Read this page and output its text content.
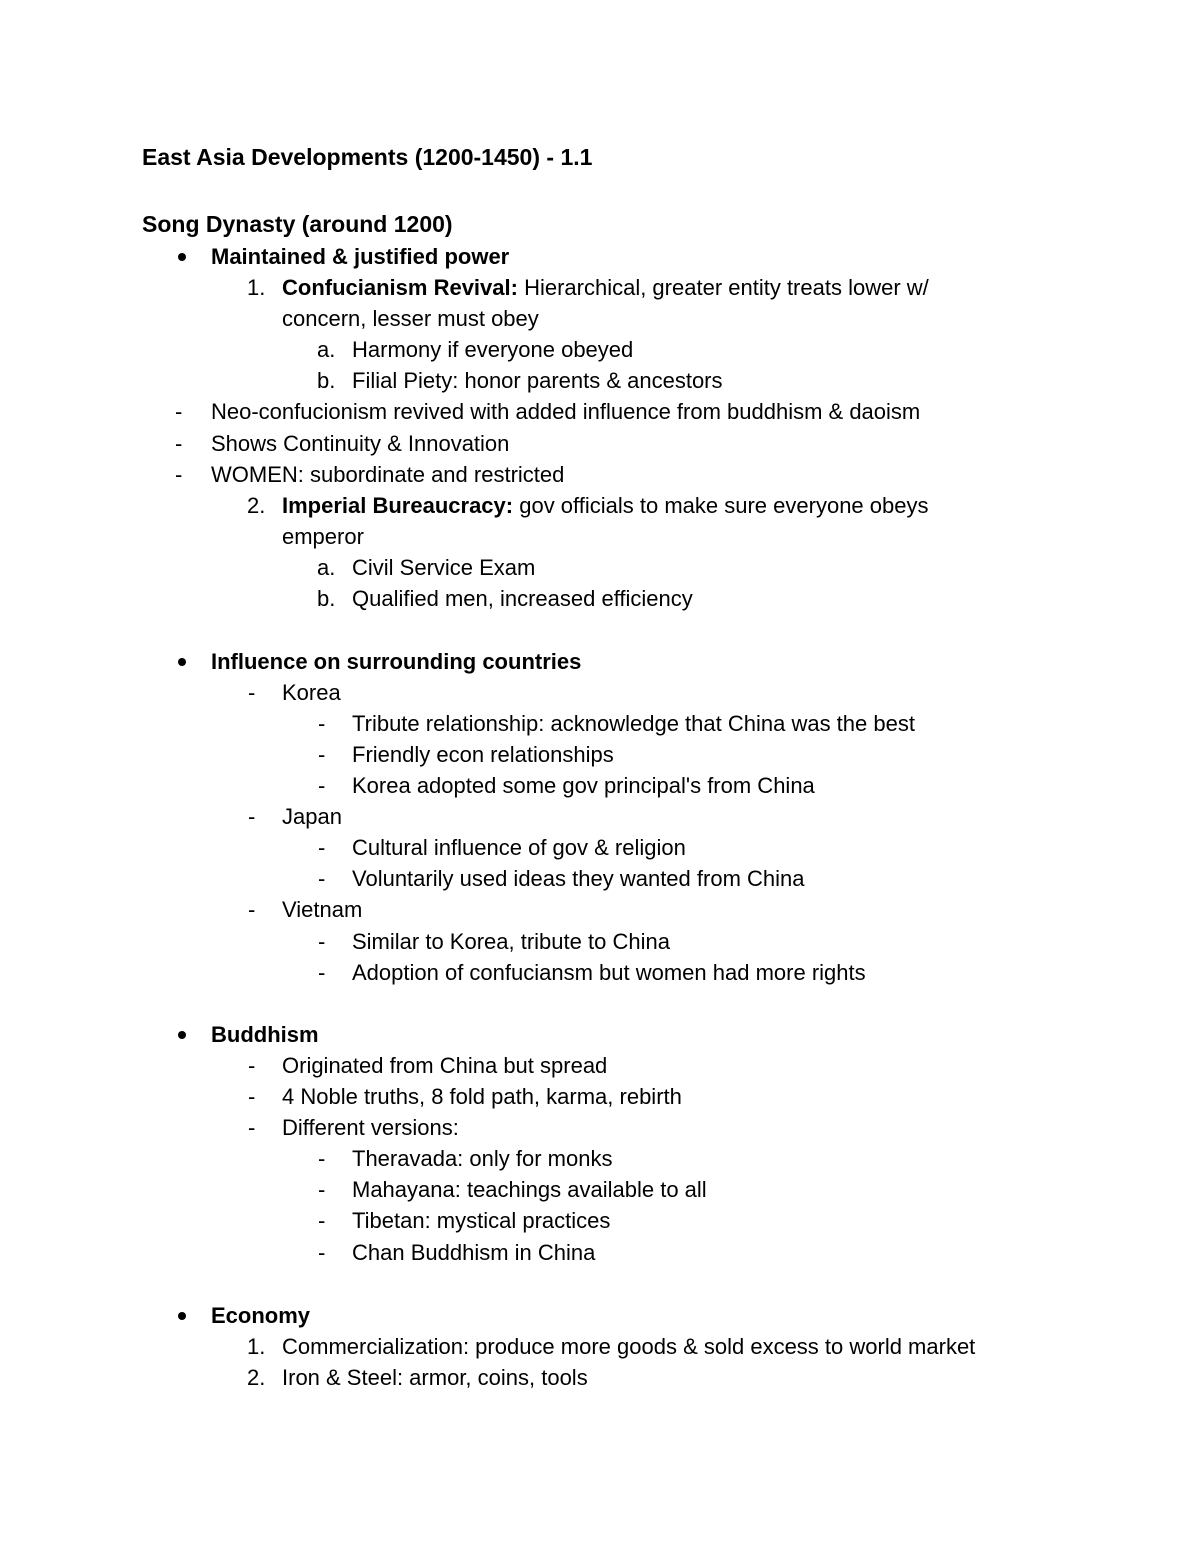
East Asia Developments (1200-1450) - 1.1
Song Dynasty (around 1200)
Maintained & justified power
1. Confucianism Revival: Hierarchical, greater entity treats lower w/
concern, lesser must obey
a. Harmony if everyone obeyed
b. Filial Piety: honor parents & ancestors
- Neo-confucionism revived with added influence from buddhism & daoism
- Shows Continuity & Innovation
- WOMEN: subordinate and restricted
2. Imperial Bureaucracy: gov officials to make sure everyone obeys
emperor
a. Civil Service Exam
b. Qualified men, increased efficiency
Influence on surrounding countries
- Korea
- Tribute relationship: acknowledge that China was the best
- Friendly econ relationships
- Korea adopted some gov principal's from China
- Japan
- Cultural influence of gov & religion
- Voluntarily used ideas they wanted from China
- Vietnam
- Similar to Korea, tribute to China
- Adoption of confuciansm but women had more rights
Buddhism
- Originated from China but spread
- 4 Noble truths, 8 fold path, karma, rebirth
- Different versions:
- Theravada: only for monks
- Mahayana: teachings available to all
- Tibetan: mystical practices
- Chan Buddhism in China
Economy
1. Commercialization: produce more goods & sold excess to world market
2. Iron & Steel: armor, coins, tools
